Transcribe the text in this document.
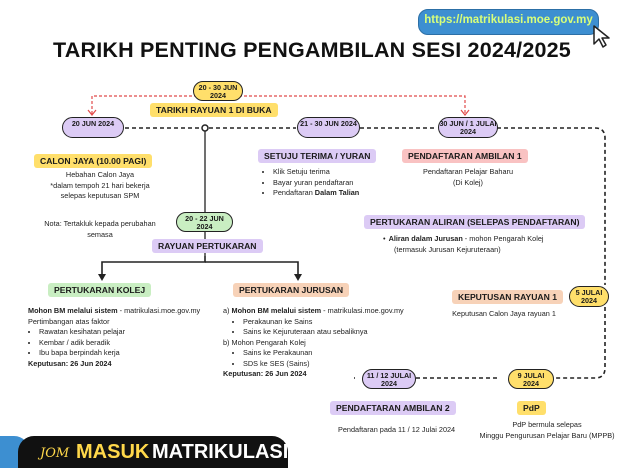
https://matrikulasi.moe.gov.my
TARIKH PENTING PENGAMBILAN SESI 2024/2025
20 - 30 JUN 2024
TARIKH RAYUAN 1 DI BUKA
20 JUN 2024	21 - 30 JUN 2024	30 JUN / 1 JULAI 2024
CALON JAYA (10.00 PAGI)
Hebahan Calon Jaya
*dalam tempoh 21 hari bekerja
selepas keputusan SPM
Nota: Tertakluk kepada perubahan
semasa
SETUJU TERIMA / YURAN
• Klik Setuju terima
• Bayar yuran pendaftaran
• Pendaftaran Dalam Talian
PENDAFTARAN AMBILAN 1
Pendaftaran Pelajar Baharu
(Di Kolej)
PERTUKARAN ALIRAN (SELEPAS PENDAFTARAN)
• Aliran dalam Jurusan - mohon Pengarah Kolej
(termasuk Jurusan Kejuruteraan)
20 - 22 JUN 2024
RAYUAN PERTUKARAN
PERTUKARAN KOLEJ
Mohon BM melalui sistem - matrikulasi.moe.gov.my
Pertimbangan atas faktor
• Rawatan kesihatan pelajar
• Kembar / adik beradik
• Ibu bapa berpindah kerja
Keputusan: 26 Jun 2024
PERTUKARAN JURUSAN
a) Mohon BM melalui sistem - matrikulasi.moe.gov.my
• Perakaunan ke Sains
• Sains ke Kejuruteraan atau sebaliknya
b) Mohon Pengarah Kolej
• Sains ke Perakaunan
• SDS ke SES (Sains)
Keputusan: 26 Jun 2024
KEPUTUSAN RAYUAN 1
Keputusan Calon Jaya rayuan 1
5 JULAI 2024
11 / 12 JULAI 2024
9 JULAI 2024
PENDAFTARAN AMBILAN 2
Pendaftaran pada 11 / 12 Julai 2024
PdP
PdP bermula selepas
Minggu Pengurusan Pelajar Baru (MPPB)
JOM MASUK MATRIKULASI
